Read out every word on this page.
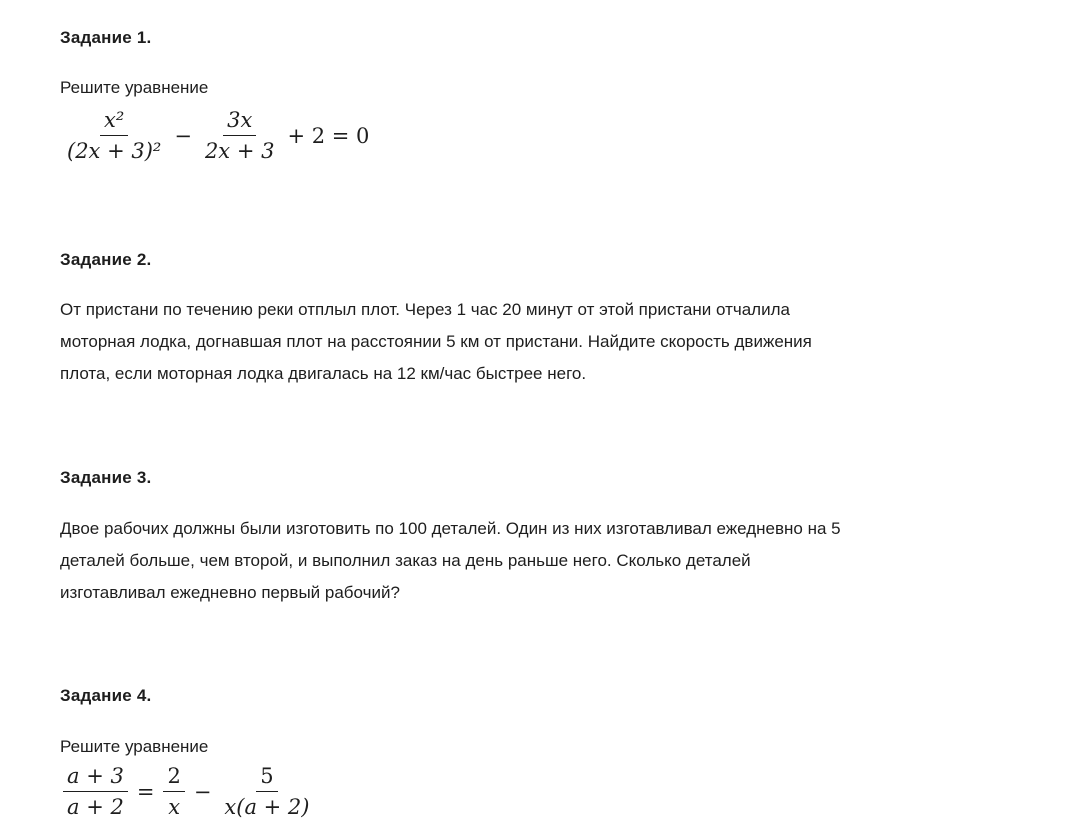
Задание 1.
Решите уравнение
$\frac{\text{x²}}{\text{(2x + 3)²}} - \frac{3x}{2x + 3} + 2 = 0$
Задание 2.
От пристани по течению реки отплыл плот. Через 1 час 20 минут от этой пристани отчалила
моторная лодка, догнавшая плот на расстоянии 5 км от пристани. Найдите скорость движения
плота, если моторная лодка двигалась на 12 км/час быстрее него.
Задание 3.
Двое рабочих должны были изготовить по 100 деталей. Один из них изготавливал ежедневно на 5
деталей больше, чем второй, и выполнил заказ на день раньше него. Сколько деталей
изготавливал ежедневно первый рабочий?
Задание 4.
Решите уравнение
$\frac{a + 3}{a + 2} = \frac{2}{x} - \frac{5}{x(a + 2)}$
